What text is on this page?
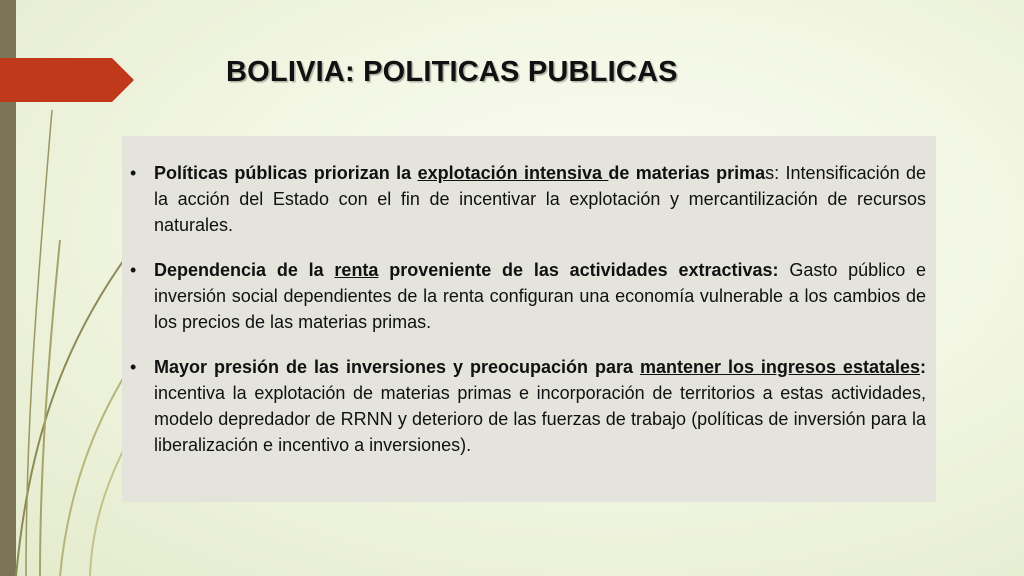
BOLIVIA: POLITICAS PUBLICAS

• Políticas públicas priorizan la explotación intensiva de materias primas: Intensificación de la acción del Estado con el fin de incentivar la explotación y mercantilización de recursos naturales.

• Dependencia de la renta proveniente de las actividades extractivas: Gasto público e inversión social dependientes de la renta configuran una economía vulnerable a los cambios de los precios de las materias primas.

• Mayor presión de las inversiones y preocupación para mantener los ingresos estatales: incentiva la explotación de materias primas e incorporación de territorios a estas actividades, modelo depredador de RRNN y deterioro de las fuerzas de trabajo (políticas de inversión para la liberalización e incentivo a inversiones).
